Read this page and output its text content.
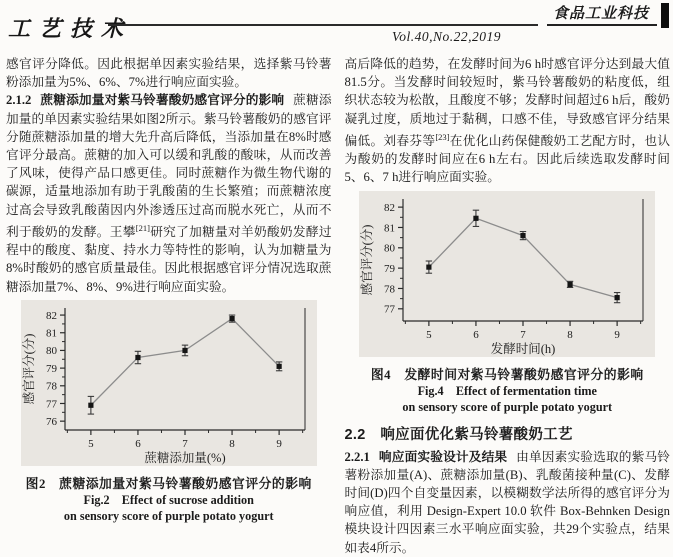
工艺技术
食品工业科技
Vol.40,No.22,2019

感官评分降低。因此根据单因素实验结果，选择紫马铃薯粉添加量为5%、6%、7%进行响应面实验。

2.1.2 蔗糖添加量对紫马铃薯酸奶感官评分的影响 蔗糖添加量的单因素实验结果如图2所示。紫马铃薯酸奶的感官评分随蔗糖添加量的增大先升高后降低，当添加量在8%时感官评分最高。蔗糖的加入可以缓和乳酸的酸味，从而改善了风味，使得产品口感更佳。同时蔗糖作为微生物代谢的碳源，适量地添加有助于乳酸菌的生长繁殖；而蔗糖浓度过高会导致乳酸菌因内外渗透压过高而脱水死亡，从而不利于酸奶的发酵。王攀[21]研究了加糖量对羊奶酸奶发酵过程中的酸度、黏度、持水力等特性的影响，认为加糖量为8%时酸奶的感官质量最佳。因此根据感官评分情况选取蔗糖添加量7%、8%、9%进行响应面实验。

76
77
78
79
80
81
82
5	6	7	8	9
蔗糖添加量(%)
感官评分(分)
图2　蔗糖添加量对紫马铃薯酸奶感官评分的影响
Fig.2　Effect of sucrose addition
on sensory score of purple potato yogurt

高后降低的趋势，在发酵时间为6 h时感官评分达到最大值81.5分。当发酵时间较短时，紫马铃薯酸奶的粘度低，组织状态较为松散，且酸度不够；发酵时间超过6 h后，酸奶凝乳过度，质地过于黏稠，口感不佳，导致感官评分结果偏低。刘春芬等[23]在优化山药保健酸奶工艺配方时，也认为酸奶的发酵时间应在6 h左右。因此后续选取发酵时间5、6、7 h进行响应面实验。

77
78
79
80
81
82
5	6	7	8	9
发酵时间(h)
感官评分(分)
图4　发酵时间对紫马铃薯酸奶感官评分的影响
Fig.4　Effect of fermentation time
on sensory score of purple potato yogurt
2.2　响应面优化紫马铃薯酸奶工艺

2.2.1 响应面实验设计及结果 由单因素实验选取的紫马铃薯粉添加量(A)、蔗糖添加量(B)、乳酸菌接种量(C)、发酵时间(D)四个自变量因素，以模糊数学法所得的感官评分为响应值，利用 Design-Expert 10.0 软件 Box-Behnken Design 模块设计四因素三水平响应面实验，共29个实验点，结果如表4所示。
